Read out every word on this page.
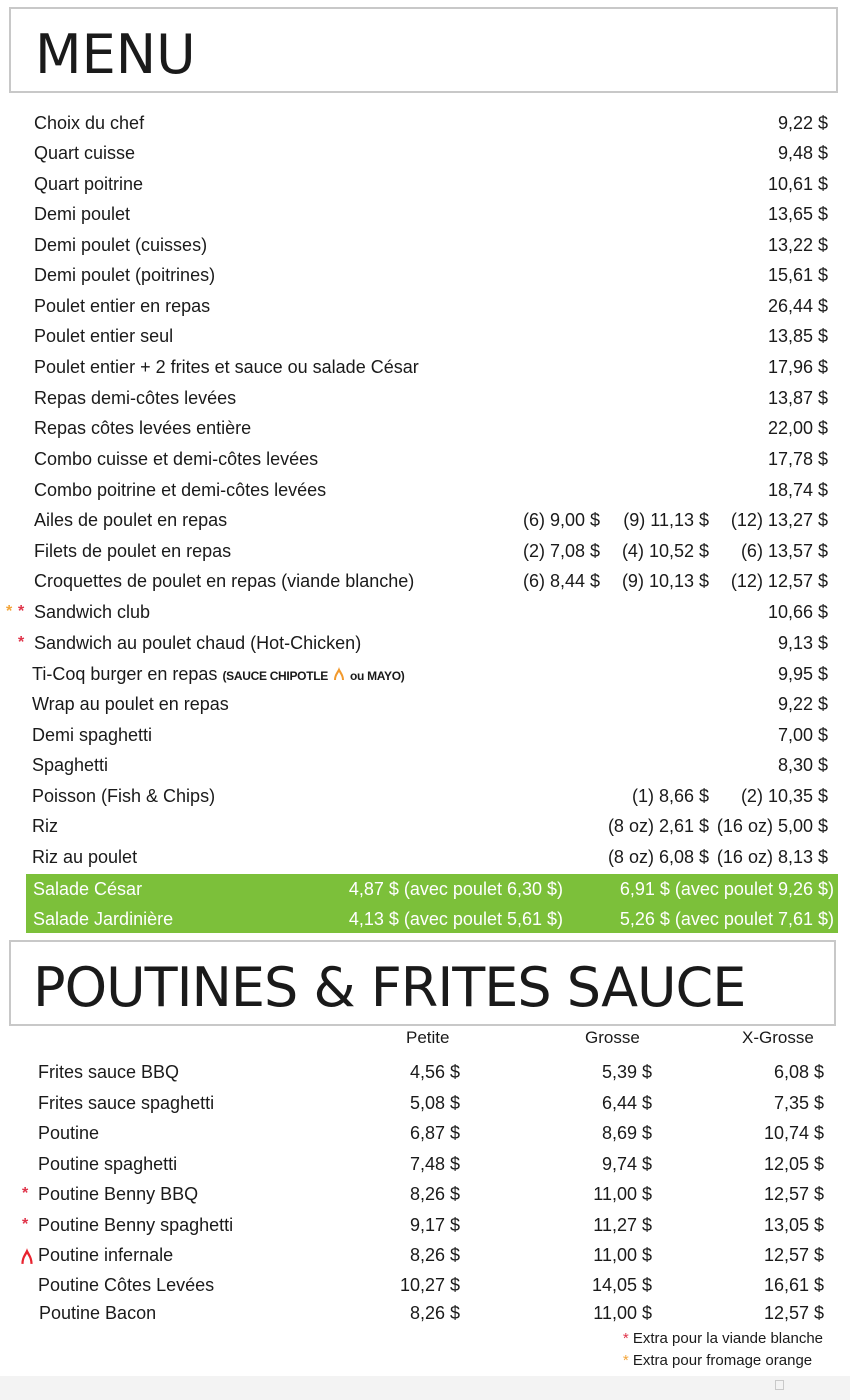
MENU
Choix du chef	9,22 $
Quart cuisse	9,48 $
Quart poitrine	10,61 $
Demi poulet	13,65 $
Demi poulet (cuisses)	13,22 $
Demi poulet (poitrines)	15,61 $
Poulet entier en repas	26,44 $
Poulet entier seul	13,85 $
Poulet entier + 2 frites et sauce ou salade César	17,96 $
Repas demi-côtes levées	13,87 $
Repas côtes levées entière	22,00 $
Combo cuisse et demi-côtes levées	17,78 $
Combo poitrine et demi-côtes levées	18,74 $
Ailes de poulet en repas	(6) 9,00 $ (9) 11,13 $ (12) 13,27 $
Filets de poulet en repas	(2) 7,08 $ (4) 10,52 $ (6) 13,57 $
Croquettes de poulet en repas (viande blanche)	(6) 8,44 $ (9) 10,13 $ (12) 12,57 $
* * Sandwich club	10,66 $
* Sandwich au poulet chaud (Hot-Chicken)	9,13 $
Ti-Coq burger en repas (SAUCE CHIPOTLE ou MAYO)	9,95 $
Wrap au poulet en repas	9,22 $
Demi spaghetti	7,00 $
Spaghetti	8,30 $
Poisson (Fish & Chips)	(1) 8,66 $ (2) 10,35 $
Riz	(8 oz) 2,61 $ (16 oz) 5,00 $
Riz au poulet	(8 oz) 6,08 $ (16 oz) 8,13 $
Salade César	4,87 $ (avec poulet 6,30 $)	6,91 $ (avec poulet 9,26 $)
Salade Jardinière	4,13 $ (avec poulet 5,61 $)	5,26 $ (avec poulet 7,61 $)
POUTINES & FRITES SAUCE
Petite	Grosse	X-Grosse
Frites sauce BBQ	4,56 $	5,39 $	6,08 $
Frites sauce spaghetti	5,08 $	6,44 $	7,35 $
Poutine	6,87 $	8,69 $	10,74 $
Poutine spaghetti	7,48 $	9,74 $	12,05 $
* Poutine Benny BBQ	8,26 $	11,00 $	12,57 $
* Poutine Benny spaghetti	9,17 $	11,27 $	13,05 $
Poutine infernale	8,26 $	11,00 $	12,57 $
Poutine Côtes Levées	10,27 $	14,05 $	16,61 $
Poutine Bacon	8,26 $	11,00 $	12,57 $
* Extra pour la viande blanche
* Extra pour fromage orange
